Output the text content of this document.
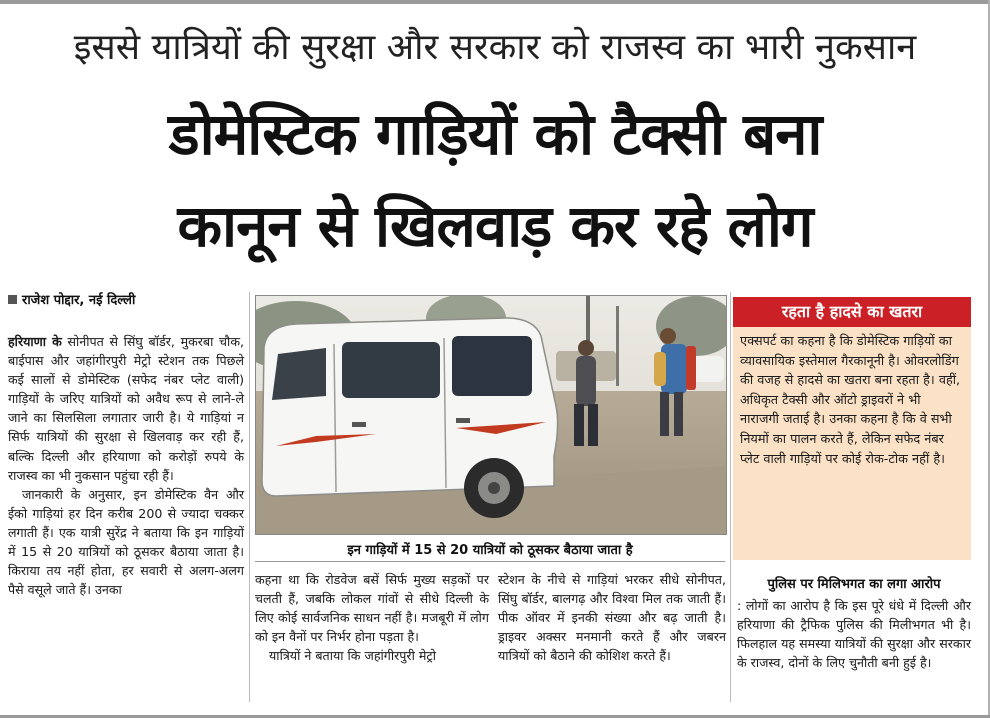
इससे यात्रियों की सुरक्षा और सरकार को राजस्व का भारी नुकसान
डोमेस्टिक गाड़ियों को टैक्सी बना
कानून से खिलवाड़ कर रहे लोग
राजेश पोद्दार, नई दिल्ली

हरियाणा के सोनीपत से सिंघु बॉर्डर, मुकरबा चौक, बाईपास और जहांगीरपुरी मेट्रो स्टेशन तक पिछले कई सालों से डोमेस्टिक (सफेद नंबर प्लेट वाली) गाड़ियों के जरिए यात्रियों को अवैध रूप से लाने-ले जाने का सिलसिला लगातार जारी है। ये गाड़ियां न सिर्फ यात्रियों की सुरक्षा से खिलवाड़ कर रही हैं, बल्कि दिल्ली और हरियाणा को करोड़ों रुपये के राजस्व का भी नुकसान पहुंचा रही हैं।

जानकारी के अनुसार, इन डोमेस्टिक वैन और ईको गाड़ियां हर दिन करीब 200 से ज्यादा चक्कर लगाती हैं। एक यात्री सुरेंद्र ने बताया कि इन गाड़ियों में 15 से 20 यात्रियों को ठूसकर बैठाया जाता है। किराया तय नहीं होता, हर सवारी से अलग-अलग पैसे वसूले जाते हैं। उनका

इन गाड़ियों में 15 से 20 यात्रियों को ठूसकर बैठाया जाता है

कहना था कि रोडवेज बसें सिर्फ मुख्य सड़कों पर चलती हैं, जबकि लोकल गांवों से सीधे दिल्ली के लिए कोई सार्वजनिक साधन नहीं है। मजबूरी में लोग को इन वैनों पर निर्भर होना पड़ता है।

यात्रियों ने बताया कि जहांगीरपुरी मेट्रो

स्टेशन के नीचे से गाड़ियां भरकर सीधे सोनीपत, सिंघु बॉर्डर, बालगढ़ और विश्वा मिल तक जाती हैं। पीक ऑवर में इनकी संख्या और बढ़ जाती है। ड्राइवर अक्सर मनमानी करते हैं और जबरन यात्रियों को बैठाने की कोशिश करते हैं।

रहता है हादसे का खतरा
एक्सपर्ट का कहना है कि डोमेस्टिक गाड़ियों का व्यावसायिक इस्तेमाल गैरकानूनी है। ओवरलोडिंग की वजह से हादसे का खतरा बना रहता है। वहीं, अधिकृत टैक्सी और ऑटो ड्राइवरों ने भी नाराजगी जताई है। उनका कहना है कि वे सभी नियमों का पालन करते हैं, लेकिन सफेद नंबर प्लेट वाली गाड़ियों पर कोई रोक-टोक नहीं है।
पुलिस पर मिलिभगत का लगा आरोप

: लोगों का आरोप है कि इस पूरे धंधे में दिल्ली और हरियाणा की ट्रैफिक पुलिस की मिलीभगत भी है। फिलहाल यह समस्या यात्रियों की सुरक्षा और सरकार के राजस्व, दोनों के लिए चुनौती बनी हुई है।
